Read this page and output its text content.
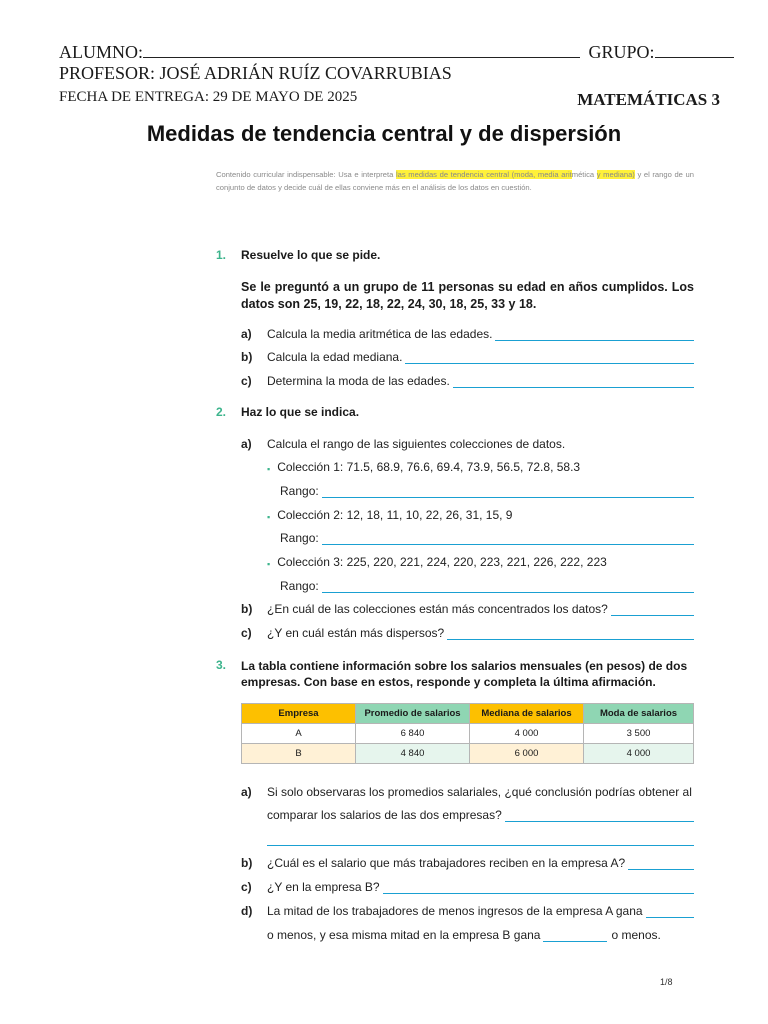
ALUMNO:	GRUPO:
PROFESOR: JOSÉ ADRIÁN RUÍZ COVARRUBIAS
FECHA DE ENTREGA: 29 DE MAYO DE 2025	MATEMÁTICAS 3
Medidas de tendencia central y de dispersión
Contenido curricular indispensable: Usa e interpreta las medidas de tendencia central (moda, media aritmética y mediana) y el rango de un conjunto de datos y decide cuál de ellas conviene más en el análisis de los datos en cuestión.
1. Resuelve lo que se pide.
Se le preguntó a un grupo de 11 personas su edad en años cumplidos. Los datos son 25, 19, 22, 18, 22, 24, 30, 18, 25, 33 y 18.
a)	Calcula la media aritmética de las edades.
b)	Calcula la edad mediana.
c)	Determina la moda de las edades.
2. Haz lo que se indica.
a)	Calcula el rango de las siguientes colecciones de datos.
▪ Colección 1: 71.5, 68.9, 76.6, 69.4, 73.9, 56.5, 72.8, 58.3
Rango:
▪ Colección 2: 12, 18, 11, 10, 22, 26, 31, 15, 9
Rango:
▪ Colección 3: 225, 220, 221, 224, 220, 223, 221, 226, 222, 223
Rango:
b)	¿En cuál de las colecciones están más concentrados los datos?
c)	¿Y en cuál están más dispersos?
3. La tabla contiene información sobre los salarios mensuales (en pesos) de dos
empresas. Con base en estos, responde y completa la última afirmación.
Empresa	Promedio de salarios	Mediana de salarios	Moda de salarios
A	6 840	4 000	3 500
B	4 840	6 000	4 000
a)	Si solo observaras los promedios salariales, ¿qué conclusión podrías obtener al
comparar los salarios de las dos empresas?
b)	¿Cuál es el salario que más trabajadores reciben en la empresa A?
c)	¿Y en la empresa B?
d)	La mitad de los trabajadores de menos ingresos de la empresa A gana
o menos, y esa misma mitad en la empresa B gana	o menos.
1/8
